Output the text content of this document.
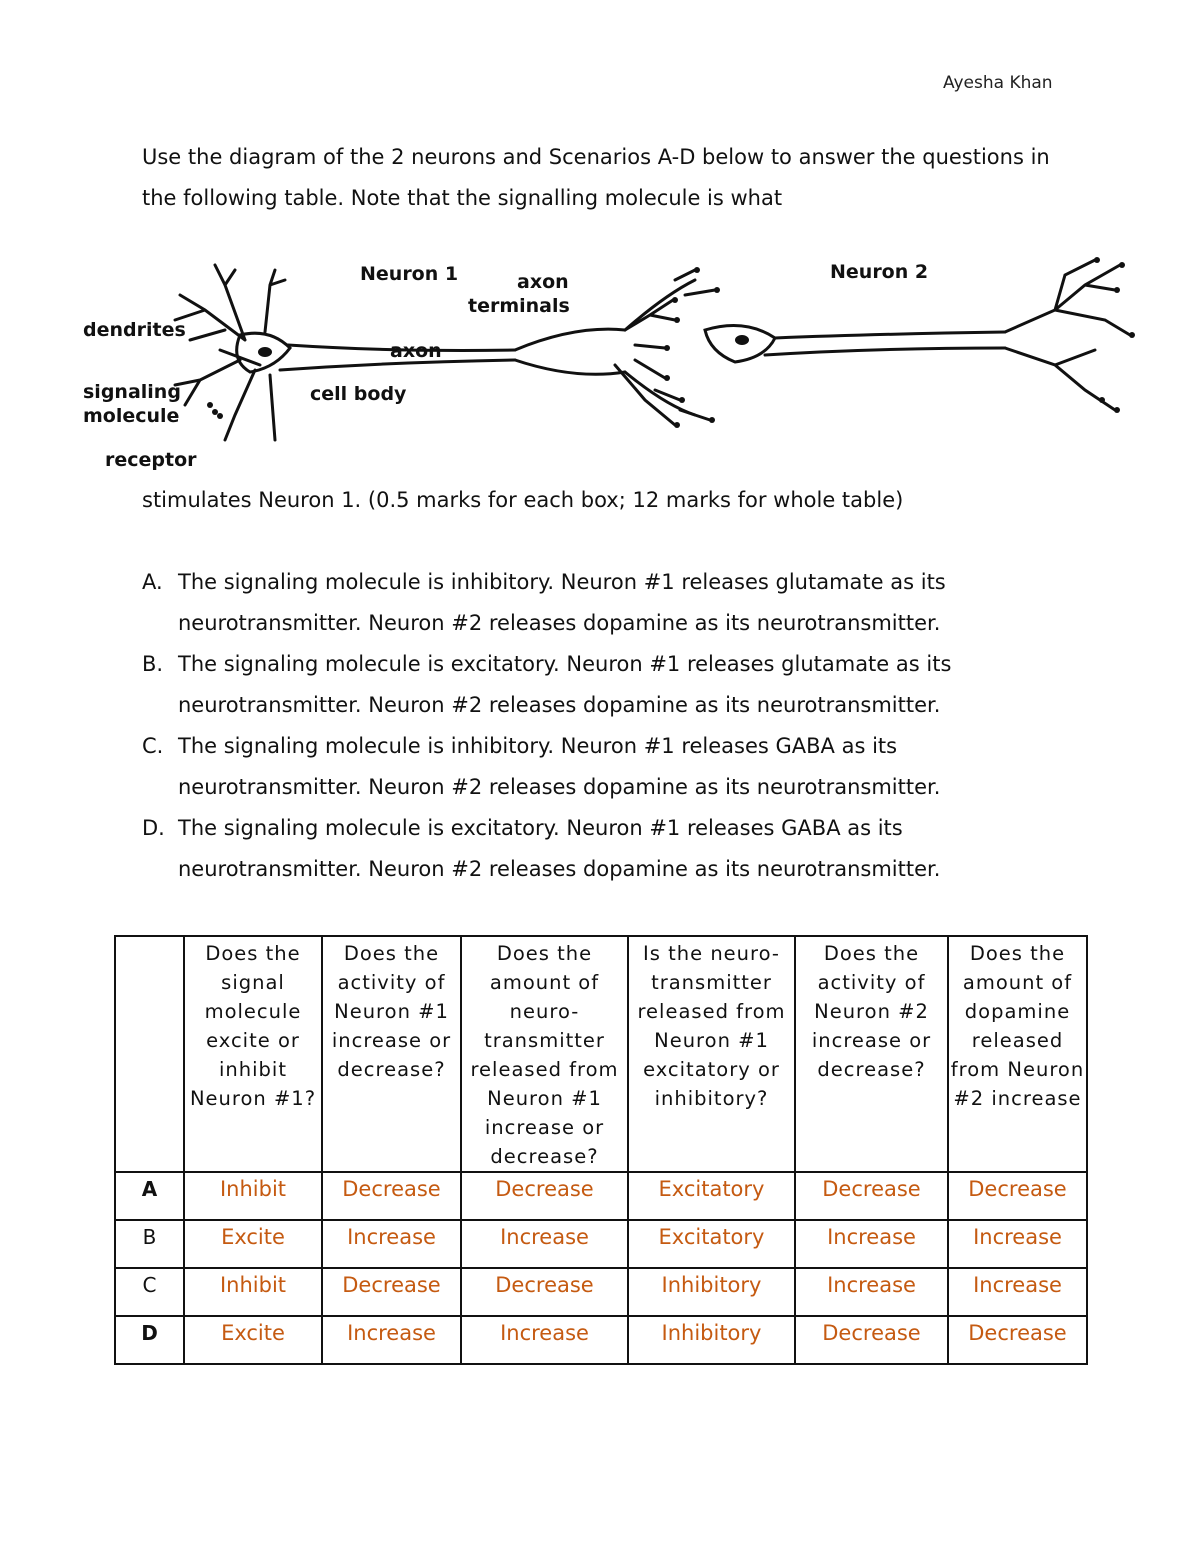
Ayesha Khan
Use the diagram of the 2 neurons and Scenarios A-D below to answer the questions in the following table. Note that the signalling molecule is what
Neuron 1	Neuron 2
axon
terminals
dendrites
axon
cell body
signaling
molecule
receptor
stimulates Neuron 1. (0.5 marks for each box; 12 marks for whole table)
A. The signaling molecule is inhibitory. Neuron #1 releases glutamate as its neurotransmitter. Neuron #2 releases dopamine as its neurotransmitter.
B. The signaling molecule is excitatory. Neuron #1 releases glutamate as its neurotransmitter. Neuron #2 releases dopamine as its neurotransmitter.
C. The signaling molecule is inhibitory. Neuron #1 releases GABA as its neurotransmitter. Neuron #2 releases dopamine as its neurotransmitter.
D. The signaling molecule is excitatory. Neuron #1 releases GABA as its neurotransmitter. Neuron #2 releases dopamine as its neurotransmitter.
	Does the signal molecule excite or inhibit Neuron #1?	Does the activity of Neuron #1 increase or decrease?	Does the amount of neuro-transmitter released from Neuron #1 increase or decrease?	Is the neuro-transmitter released from Neuron #1 excitatory or inhibitory?	Does the activity of Neuron #2 increase or decrease?	Does the amount of dopamine released from Neuron #2 increase
A	Inhibit	Decrease	Decrease	Excitatory	Decrease	Decrease
B	Excite	Increase	Increase	Excitatory	Increase	Increase
C	Inhibit	Decrease	Decrease	Inhibitory	Increase	Increase
D	Excite	Increase	Increase	Inhibitory	Decrease	Decrease
